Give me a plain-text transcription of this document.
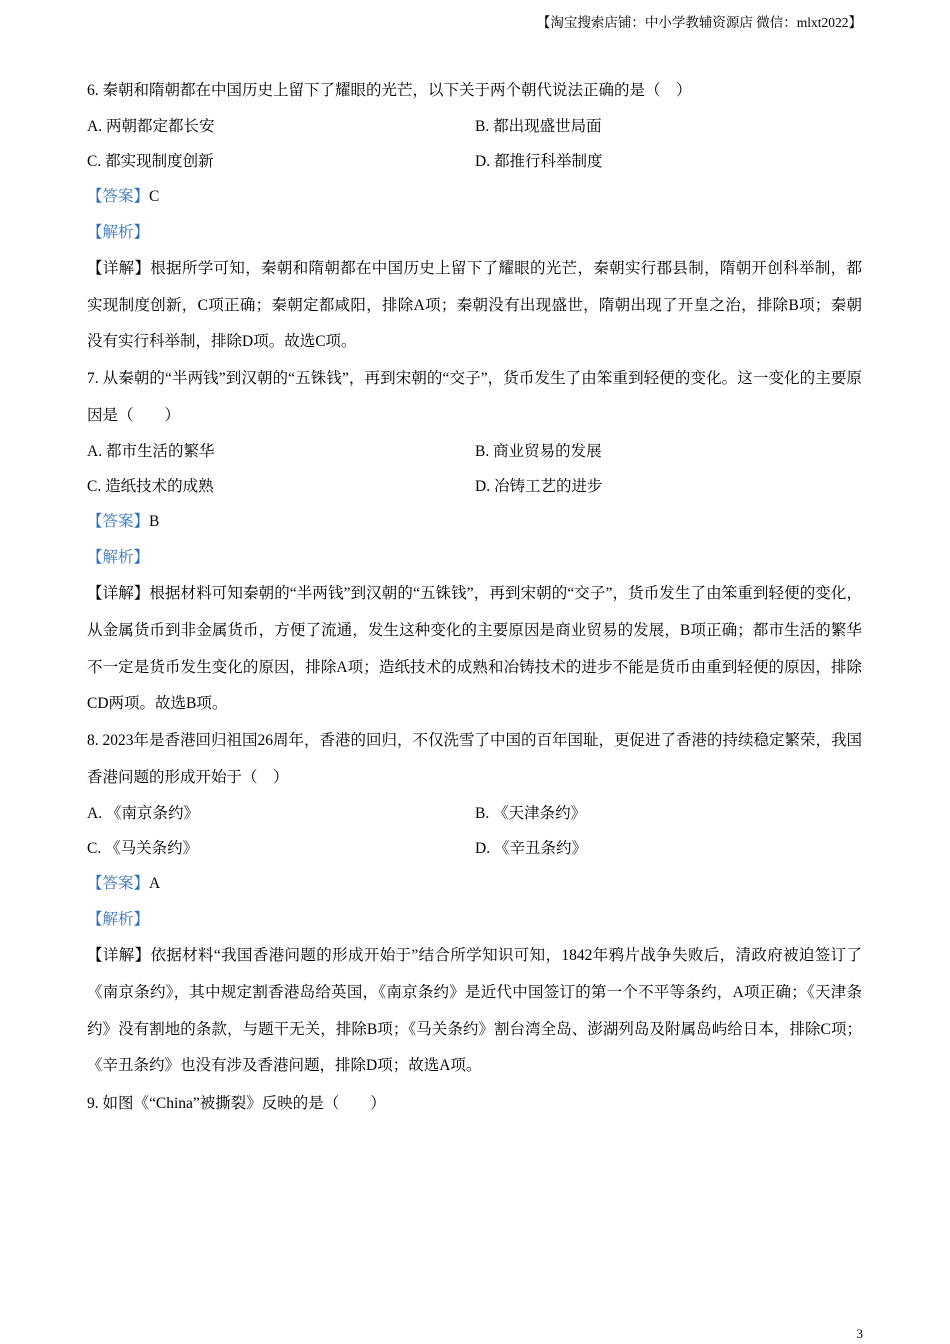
【淘宝搜索店铺：中小学教辅资源店 微信：mlxt2022】
6. 秦朝和隋朝都在中国历史上留下了耀眼的光芒，以下关于两个朝代说法正确的是（　）
A. 两朝都定都长安	B. 都出现盛世局面
C. 都实现制度创新	D. 都推行科举制度
【答案】C
【解析】
【详解】根据所学可知，秦朝和隋朝都在中国历史上留下了耀眼的光芒，秦朝实行郡县制，隋朝开创科举制，都实现制度创新，C项正确；秦朝定都咸阳，排除A项；秦朝没有出现盛世，隋朝出现了开皇之治，排除B项；秦朝没有实行科举制，排除D项。故选C项。
7. 从秦朝的“半两钱”到汉朝的“五铢钱”，再到宋朝的“交子”，货币发生了由笨重到轻便的变化。这一变化的主要原因是（　　）
A. 都市生活的繁华	B. 商业贸易的发展
C. 造纸技术的成熟	D. 冶铸工艺的进步
【答案】B
【解析】
【详解】根据材料可知秦朝的“半两钱”到汉朝的“五铢钱”，再到宋朝的“交子”，货币发生了由笨重到轻便的变化，从金属货币到非金属货币，方便了流通，发生这种变化的主要原因是商业贸易的发展，B项正确；都市生活的繁华不一定是货币发生变化的原因，排除A项；造纸技术的成熟和冶铸技术的进步不能是货币由重到轻便的原因，排除CD两项。故选B项。
8. 2023年是香港回归祖国26周年，香港的回归，不仅洗雪了中国的百年国耻，更促进了香港的持续稳定繁荣，我国香港问题的形成开始于（　）
A. 《南京条约》	B. 《天津条约》
C. 《马关条约》	D. 《辛丑条约》
【答案】A
【解析】
【详解】依据材料“我国香港问题的形成开始于”结合所学知识可知，1842年鸦片战争失败后，清政府被迫签订了《南京条约》，其中规定割香港岛给英国，《南京条约》是近代中国签订的第一个不平等条约，A项正确；《天津条约》没有割地的条款，与题干无关，排除B项；《马关条约》割台湾全岛、澎湖列岛及附属岛屿给日本，排除C项；《辛丑条约》也没有涉及香港问题，排除D项；故选A项。
9. 如图《“China”被撕裂》反映的是（　　）
3
